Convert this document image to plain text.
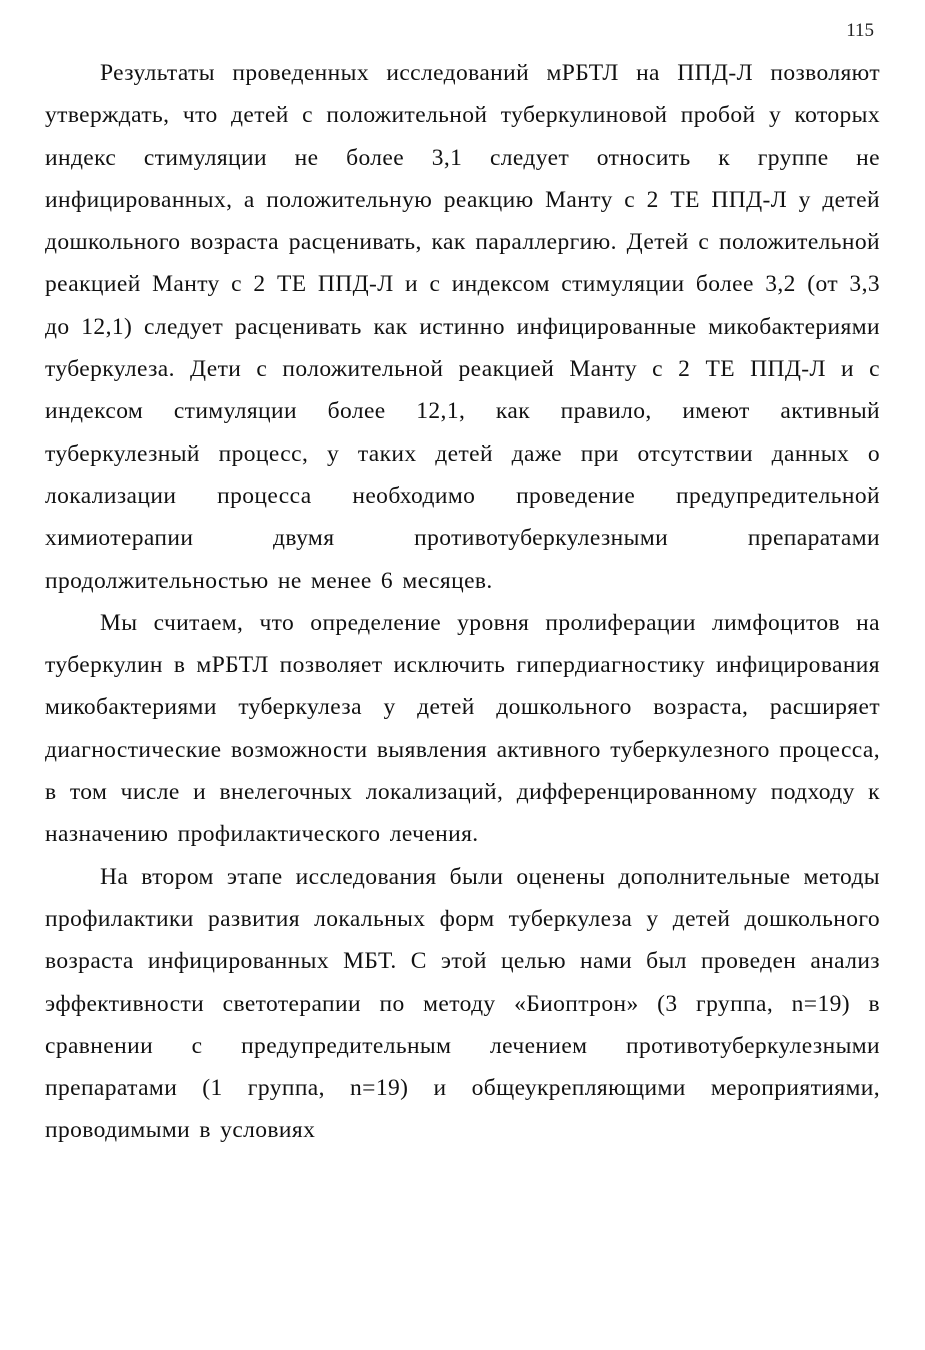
115

Результаты проведенных исследований мРБТЛ на ППД-Л позволяют утверждать, что детей с положительной туберкулиновой пробой у которых индекс стимуляции не более 3,1 следует относить к группе не инфицированных, а положительную реакцию Манту с 2 ТЕ ППД-Л у детей дошкольного возраста расценивать, как параллергию. Детей с положительной реакцией Манту с 2 ТЕ ППД-Л и с индексом стимуляции более 3,2 (от 3,3 до 12,1) следует расценивать как истинно инфицированные микобактериями туберкулеза. Дети с положительной реакцией Манту с 2 ТЕ ППД-Л и с индексом стимуляции более 12,1, как правило, имеют активный туберкулезный процесс, у таких детей даже при отсутствии данных о локализации процесса необходимо проведение предупредительной химиотерапии двумя противотуберкулезными препаратами продолжительностью не менее 6 месяцев.

Мы считаем, что определение уровня пролиферации лимфоцитов на туберкулин в мРБТЛ позволяет исключить гипердиагностику инфицирования микобактериями туберкулеза у детей дошкольного возраста, расширяет диагностические возможности выявления активного туберкулезного процесса, в том числе и внелегочных локализаций, дифференцированному подходу к назначению профилактического лечения.

На втором этапе исследования были оценены дополнительные методы профилактики развития локальных форм туберкулеза у детей дошкольного возраста инфицированных МБТ. С этой целью нами был проведен анализ эффективности светотерапии по методу «Биоптрон» (3 группа, n=19) в сравнении с предупредительным лечением противотуберкулезными препаратами (1 группа, n=19) и общеукрепляющими мероприятиями, проводимыми в условиях
